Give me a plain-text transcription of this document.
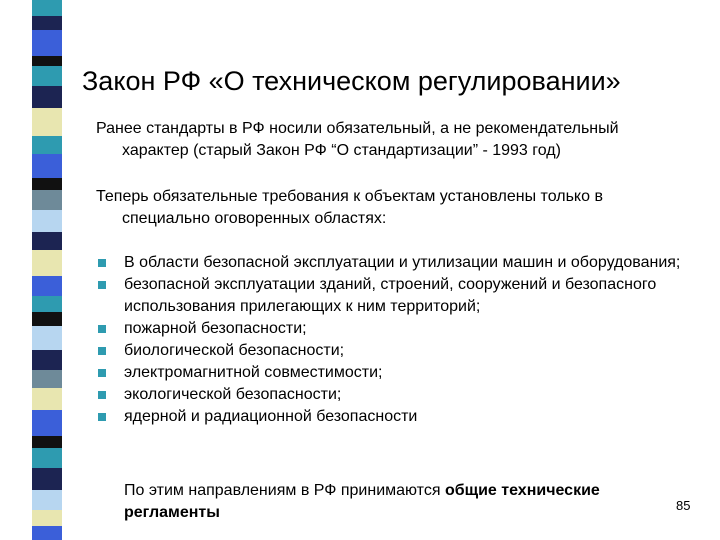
Закон РФ «О техническом регулировании»

Ранее стандарты в РФ носили обязательный, а не рекомендательный
характер (старый Закон РФ “О стандартизации” - 1993 год)

Теперь обязательные требования к объектам установлены только в
специально оговоренных областях:

В области безопасной эксплуатации и утилизации машин и оборудования;
безопасной эксплуатации зданий, строений, сооружений и безопасного использования прилегающих к ним территорий;
пожарной безопасности;
биологической безопасности;
электромагнитной совместимости;
экологической безопасности;
ядерной и радиационной безопасности

По этим направлениям в РФ принимаются общие технические регламенты	85
